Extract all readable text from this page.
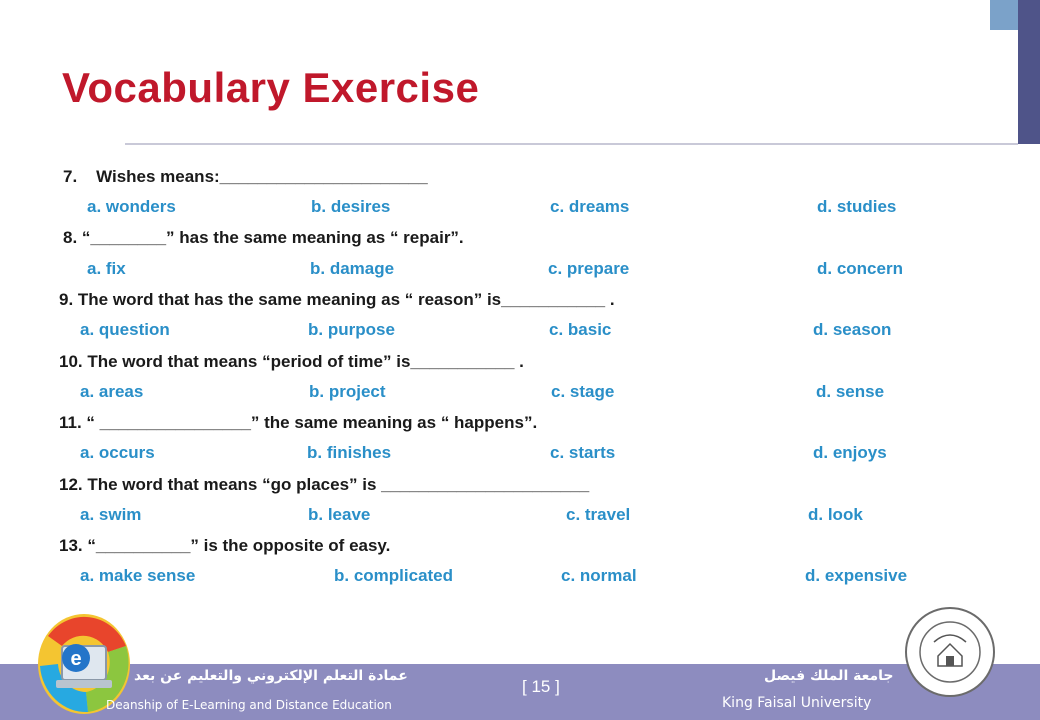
Vocabulary Exercise
7.    Wishes means:______________________
a. wonders	b. desires	c. dreams	d. studies
8. “________” has the same meaning as “ repair”.
a. fix	b. damage	c. prepare	d. concern
9. The word that has the same meaning as “ reason” is___________ .
a. question	b. purpose	c. basic	d. season
10. The word that means “period of time” is___________ .
a. areas	b. project	c. stage	d. sense
11. “ ________________” the same meaning as “ happens”.
a. occurs	b. finishes	c. starts	d. enjoys
12. The word that means “go places” is ______________________
a. swim	b. leave	c. travel	d. look
13. “__________” is the opposite of easy.
a. make sense	b. complicated	c. normal	d. expensive
e
عمادة التعلم الإلكتروني والتعليم عن بعد
Deanship of E-Learning and Distance Education
[ 15 ]
جامعة الملك فيصل
King Faisal University
